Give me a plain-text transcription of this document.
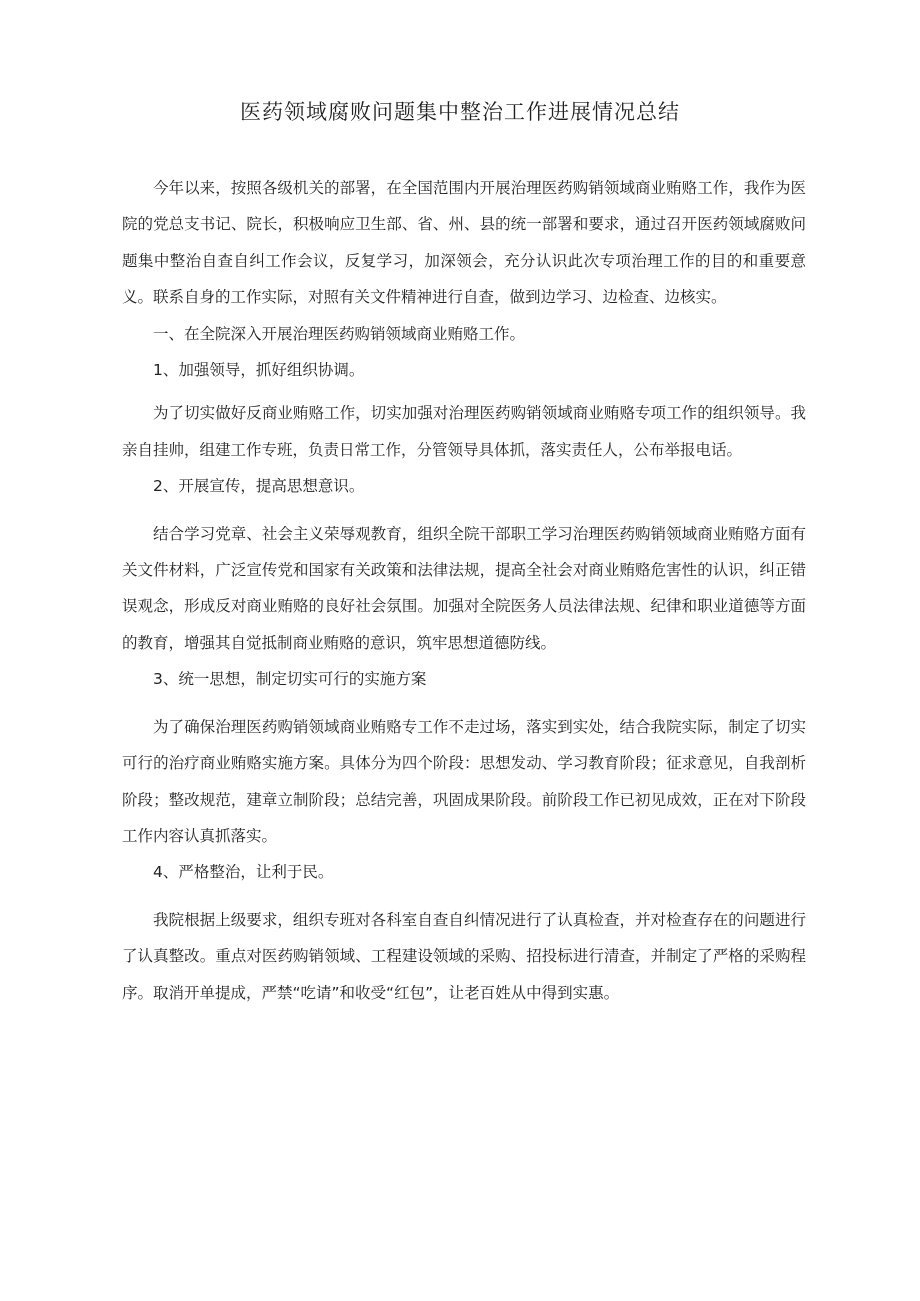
医药领域腐败问题集中整治工作进展情况总结

今年以来，按照各级机关的部署，在全国范围内开展治理医药购销领域商业贿赂工作，我作为医院的党总支书记、院长，积极响应卫生部、省、州、县的统一部署和要求，通过召开医药领域腐败问题集中整治自查自纠工作会议，反复学习，加深领会，充分认识此次专项治理工作的目的和重要意义。联系自身的工作实际，对照有关文件精神进行自查，做到边学习、边检查、边核实。

一、在全院深入开展治理医药购销领域商业贿赂工作。

1、加强领导，抓好组织协调。

为了切实做好反商业贿赂工作，切实加强对治理医药购销领域商业贿赂专项工作的组织领导。我亲自挂帅，组建工作专班，负责日常工作，分管领导具体抓，落实责任人，公布举报电话。

2、开展宣传，提高思想意识。

结合学习党章、社会主义荣辱观教育，组织全院干部职工学习治理医药购销领域商业贿赂方面有关文件材料，广泛宣传党和国家有关政策和法律法规，提高全社会对商业贿赂危害性的认识，纠正错误观念，形成反对商业贿赂的良好社会氛围。加强对全院医务人员法律法规、纪律和职业道德等方面的教育，增强其自觉抵制商业贿赂的意识，筑牢思想道德防线。

3、统一思想，制定切实可行的实施方案

为了确保治理医药购销领域商业贿赂专工作不走过场，落实到实处，结合我院实际，制定了切实可行的治疗商业贿赂实施方案。具体分为四个阶段：思想发动、学习教育阶段；征求意见，自我剖析阶段；整改规范，建章立制阶段；总结完善，巩固成果阶段。前阶段工作已初见成效，正在对下阶段工作内容认真抓落实。

4、严格整治，让利于民。

我院根据上级要求，组织专班对各科室自查自纠情况进行了认真检查，并对检查存在的问题进行了认真整改。重点对医药购销领域、工程建设领域的采购、招投标进行清查，并制定了严格的采购程序。取消开单提成，严禁“吃请”和收受“红包”，让老百姓从中得到实惠。
